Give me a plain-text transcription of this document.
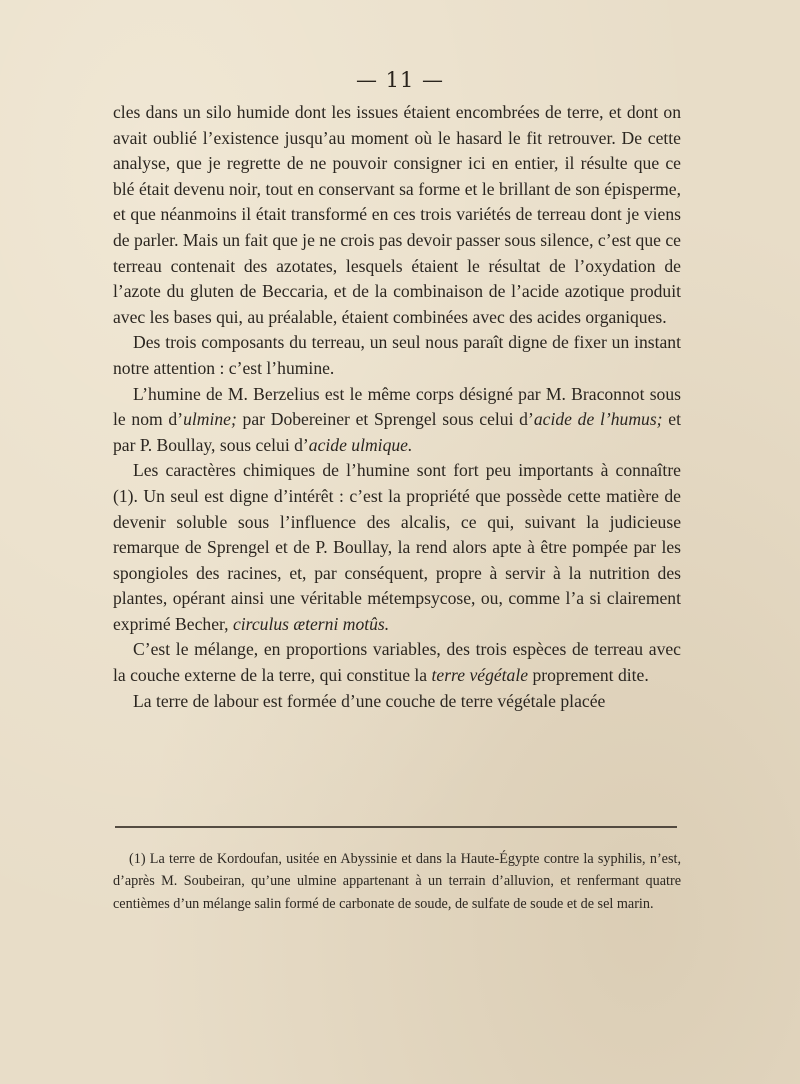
— 11 —

cles dans un silo humide dont les issues étaient encombrées de terre, et dont on avait oublié l’existence jusqu’au moment où le hasard le fit retrouver. De cette analyse, que je regrette de ne pouvoir consigner ici en entier, il résulte que ce blé était devenu noir, tout en conservant sa forme et le brillant de son épisperme, et que néanmoins il était transformé en ces trois variétés de terreau dont je viens de parler. Mais un fait que je ne crois pas devoir passer sous silence, c’est que ce terreau contenait des azotates, lesquels étaient le résultat de l’oxydation de l’azote du gluten de Beccaria, et de la combinaison de l’acide azotique produit avec les bases qui, au préalable, étaient combinées avec des acides organiques.

Des trois composants du terreau, un seul nous paraît digne de fixer un instant notre attention : c’est l’humine.

L’humine de M. Berzelius est le même corps désigné par M. Braconnot sous le nom d’ulmine; par Dobereiner et Sprengel sous celui d’acide de l’humus; et par P. Boullay, sous celui d’acide ulmique.

Les caractères chimiques de l’humine sont fort peu importants à connaître (1). Un seul est digne d’intérêt : c’est la propriété que possède cette matière de devenir soluble sous l’influence des alcalis, ce qui, suivant la judicieuse remarque de Sprengel et de P. Boullay, la rend alors apte à être pompée par les spongioles des racines, et, par conséquent, propre à servir à la nutrition des plantes, opérant ainsi une véritable métempsycose, ou, comme l’a si clairement exprimé Becher, circulus æterni motûs.

C’est le mélange, en proportions variables, des trois espèces de terreau avec la couche externe de la terre, qui constitue la terre végétale proprement dite.

La terre de labour est formée d’une couche de terre végétale placée

(1) La terre de Kordoufan, usitée en Abyssinie et dans la Haute-Égypte contre la syphilis, n’est, d’après M. Soubeiran, qu’une ulmine appartenant à un terrain d’alluvion, et renfermant quatre centièmes d’un mélange salin formé de carbonate de soude, de sulfate de soude et de sel marin.
